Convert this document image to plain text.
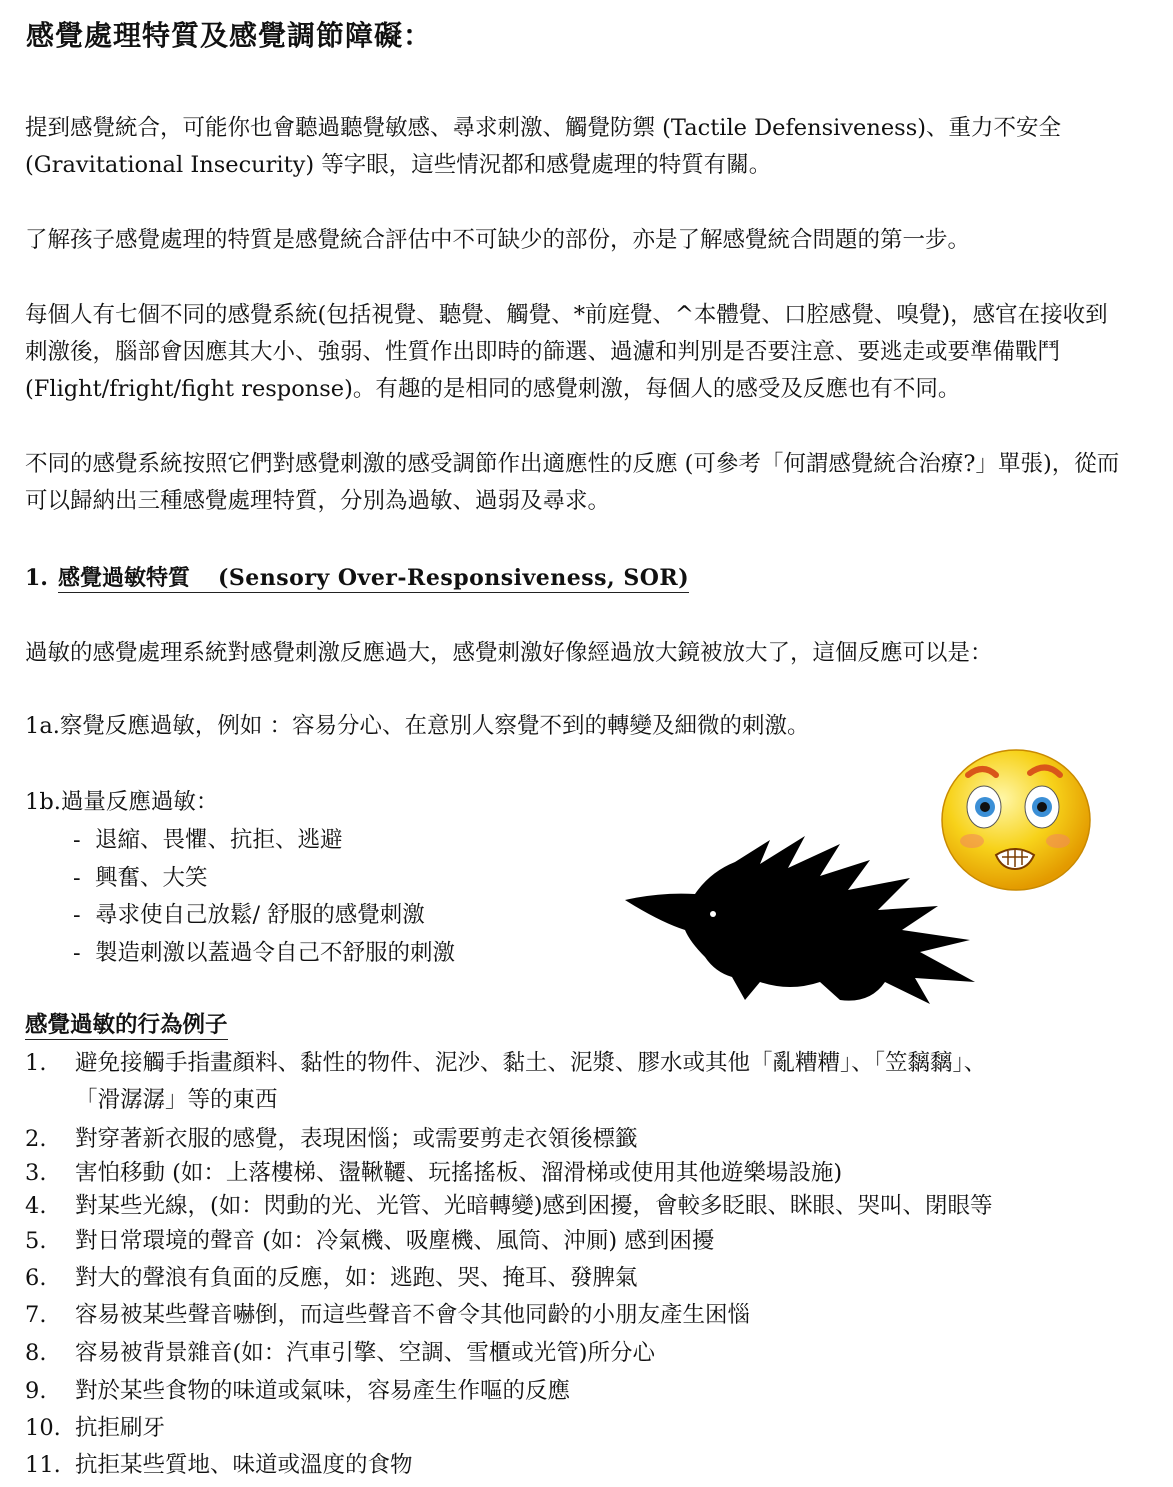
感覺處理特質及感覺調節障礙：

提到感覺統合，可能你也會聽過聽覺敏感、尋求刺激、觸覺防禦 (Tactile Defensiveness)、重力不安全 (Gravitational Insecurity) 等字眼，這些情況都和感覺處理的特質有關。

了解孩子感覺處理的特質是感覺統合評估中不可缺少的部份，亦是了解感覺統合問題的第一步。

每個人有七個不同的感覺系統(包括視覺、聽覺、觸覺、*前庭覺、^本體覺、口腔感覺、嗅覺)，感官在接收到刺激後，腦部會因應其大小、強弱、性質作出即時的篩選、過濾和判別是否要注意、要逃走或要準備戰鬥(Flight/fright/fight response)。有趣的是相同的感覺刺激，每個人的感受及反應也有不同。

不同的感覺系統按照它們對感覺刺激的感受調節作出適應性的反應 (可參考「何謂感覺統合治療?」單張)，從而可以歸納出三種感覺處理特質，分別為過敏、過弱及尋求。

1. 感覺過敏特質 (Sensory Over-Responsiveness, SOR)

過敏的感覺處理系統對感覺刺激反應過大，感覺刺激好像經過放大鏡被放大了，這個反應可以是：

1a.察覺反應過敏，例如 ：容易分心、在意別人察覺不到的轉變及細微的刺激。

1b.過量反應過敏：

- 退縮、畏懼、抗拒、逃避
- 興奮、大笑
- 尋求使自己放鬆/ 舒服的感覺刺激
- 製造刺激以蓋過令自己不舒服的刺激
感覺過敏的行為例子
1. 避免接觸手指畫顏料、黏性的物件、泥沙、黏土、泥漿、膠水或其他「亂糟糟」、「笠黐黐」、
「滑潺潺」等的東西
2. 對穿著新衣服的感覺，表現困惱；或需要剪走衣領後標籤
3. 害怕移動 (如：上落樓梯、盪鞦韆、玩搖搖板、溜滑梯或使用其他遊樂場設施)
4. 對某些光線，(如：閃動的光、光管、光暗轉變)感到困擾，會較多眨眼、眯眼、哭叫、閉眼等
5. 對日常環境的聲音 (如：冷氣機、吸塵機、風筒、沖厠) 感到困擾
6. 對大的聲浪有負面的反應，如：逃跑、哭、掩耳、發脾氣
7. 容易被某些聲音嚇倒，而這些聲音不會令其他同齡的小朋友產生困惱
8. 容易被背景雜音(如：汽車引擎、空調、雪櫃或光管)所分心
9. 對於某些食物的味道或氣味，容易產生作嘔的反應
10. 抗拒刷牙
11. 抗拒某些質地、味道或溫度的食物
